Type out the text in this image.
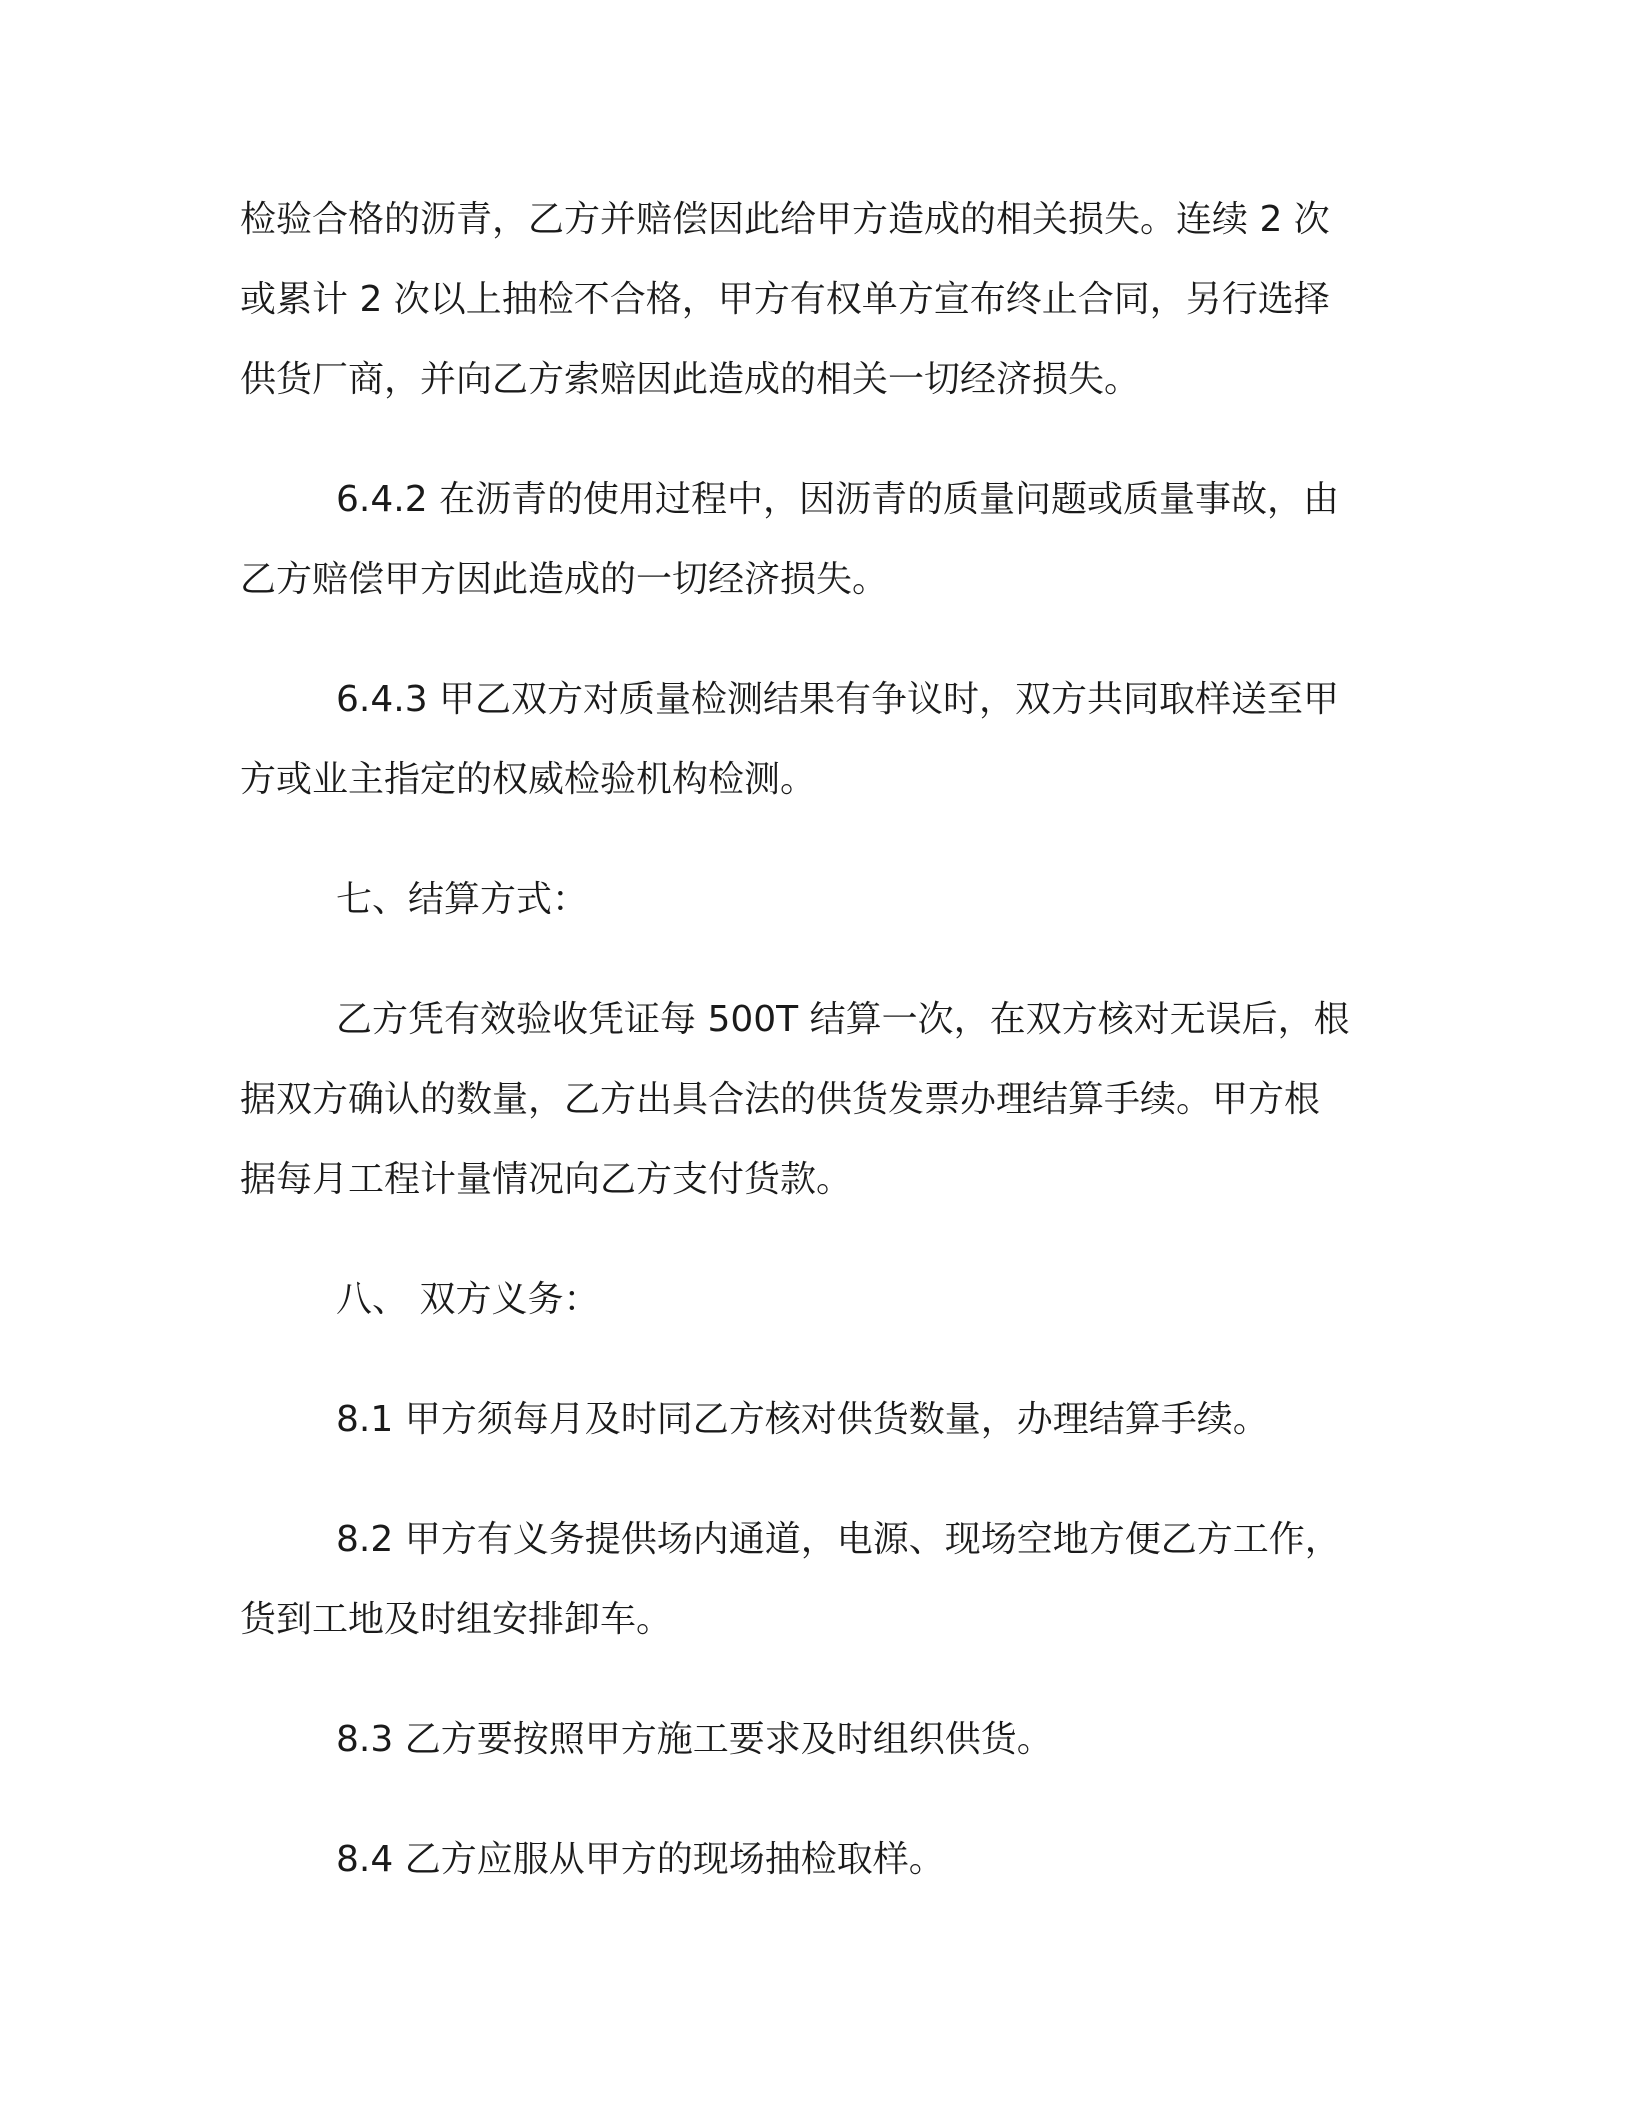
检验合格的沥青，乙方并赔偿因此给甲方造成的相关损失。连续 2 次
或累计 2 次以上抽检不合格，甲方有权单方宣布终止合同，另行选择
供货厂商，并向乙方索赔因此造成的相关一切经济损失。
6.4.2 在沥青的使用过程中，因沥青的质量问题或质量事故，由
乙方赔偿甲方因此造成的一切经济损失。
6.4.3 甲乙双方对质量检测结果有争议时，双方共同取样送至甲
方或业主指定的权威检验机构检测。
七、结算方式：
乙方凭有效验收凭证每 500T 结算一次，在双方核对无误后，根
据双方确认的数量，乙方出具合法的供货发票办理结算手续。甲方根
据每月工程计量情况向乙方支付货款。
八、 双方义务：
8.1 甲方须每月及时同乙方核对供货数量，办理结算手续。
8.2 甲方有义务提供场内通道，电源、现场空地方便乙方工作，
货到工地及时组安排卸车。
8.3 乙方要按照甲方施工要求及时组织供货。
8.4 乙方应服从甲方的现场抽检取样。
